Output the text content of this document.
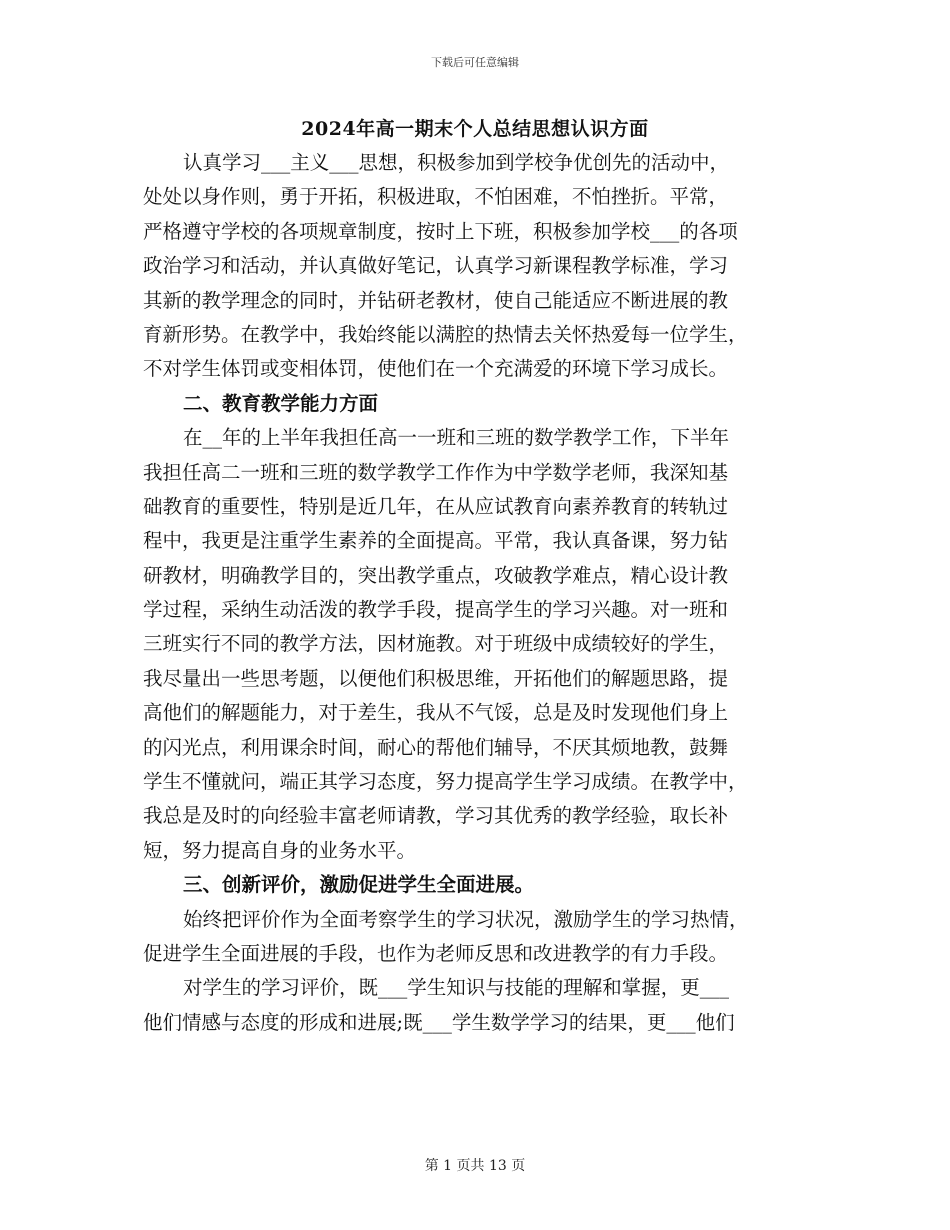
下载后可任意编辑
2024年高一期末个人总结思想认识方面
认真学习___主义___思想，积极参加到学校争优创先的活动中，
处处以身作则，勇于开拓，积极进取，不怕困难，不怕挫折。平常，
严格遵守学校的各项规章制度，按时上下班，积极参加学校___的各项
政治学习和活动，并认真做好笔记，认真学习新课程教学标准，学习
其新的教学理念的同时，并钻研老教材，使自己能适应不断进展的教
育新形势。在教学中，我始终能以满腔的热情去关怀热爱每一位学生，
不对学生体罚或变相体罚，使他们在一个充满爱的环境下学习成长。
二、教育教学能力方面
在__年的上半年我担任高一一班和三班的数学教学工作，下半年
我担任高二一班和三班的数学教学工作作为中学数学老师，我深知基
础教育的重要性，特别是近几年，在从应试教育向素养教育的转轨过
程中，我更是注重学生素养的全面提高。平常，我认真备课，努力钻
研教材，明确教学目的，突出教学重点，攻破教学难点，精心设计教
学过程，采纳生动活泼的教学手段，提高学生的学习兴趣。对一班和
三班实行不同的教学方法，因材施教。对于班级中成绩较好的学生，
我尽量出一些思考题，以便他们积极思维，开拓他们的解题思路，提
高他们的解题能力，对于差生，我从不气馁，总是及时发现他们身上
的闪光点，利用课余时间，耐心的帮他们辅导，不厌其烦地教，鼓舞
学生不懂就问，端正其学习态度，努力提高学生学习成绩。在教学中，
我总是及时的向经验丰富老师请教，学习其优秀的教学经验，取长补
短，努力提高自身的业务水平。
三、创新评价，激励促进学生全面进展。
始终把评价作为全面考察学生的学习状况，激励学生的学习热情，
促进学生全面进展的手段，也作为老师反思和改进教学的有力手段。
对学生的学习评价，既___学生知识与技能的理解和掌握，更___
他们情感与态度的形成和进展;既___学生数学学习的结果，更___他们
第 1 页共 13 页
